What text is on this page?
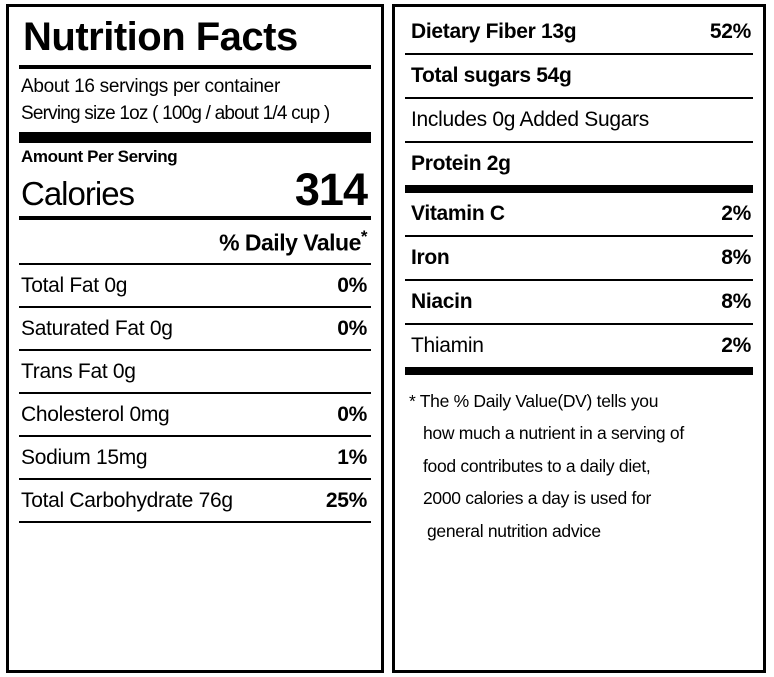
Nutrition Facts
About 16 servings per container
Serving size 1oz ( 100g / about 1/4 cup )
Amount Per Serving
Calories	314
% Daily Value*
Total Fat 0g	0%
Saturated Fat 0g	0%
Trans Fat 0g
Cholesterol 0mg	0%
Sodium 15mg	1%
Total Carbohydrate 76g	25%
Dietary Fiber 13g	52%
Total sugars 54g
Includes 0g Added Sugars
Protein 2g
Vitamin C	2%
Iron	8%
Niacin	8%
Thiamin	2%
* The % Daily Value(DV) tells you
how much a nutrient in a serving of
food contributes to a daily diet,
2000 calories a day is used for
general nutrition advice
